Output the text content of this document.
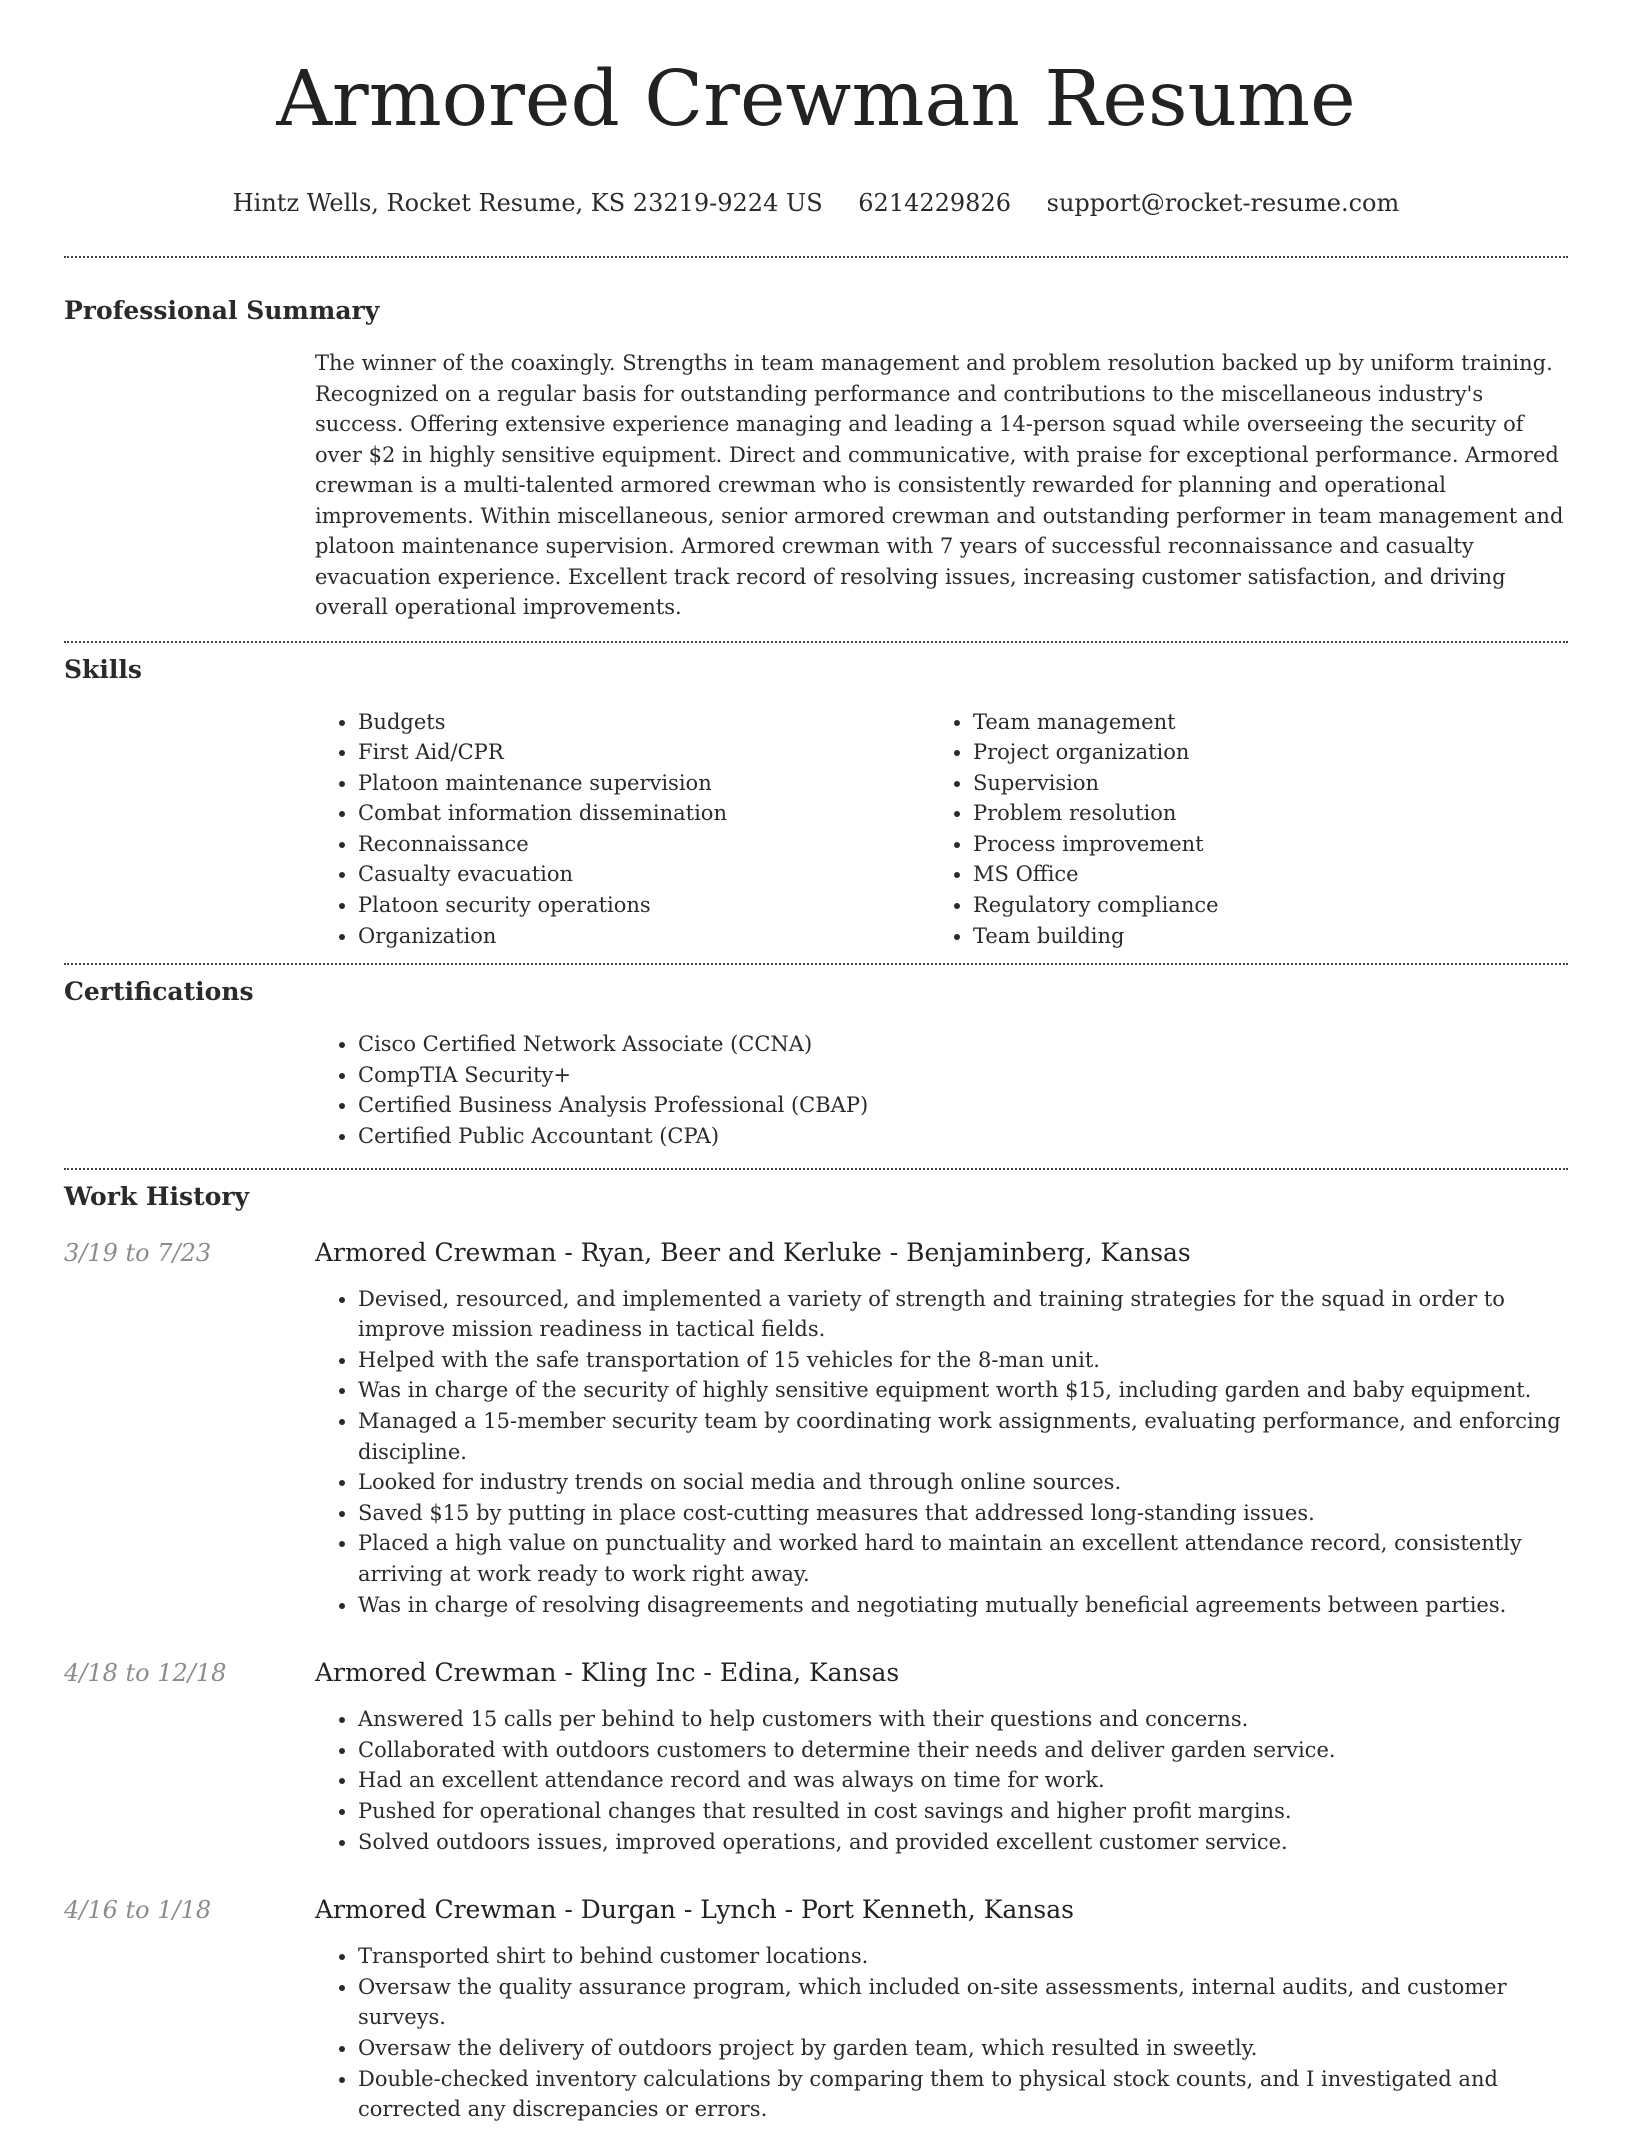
Armored Crewman Resume
Hintz Wells, Rocket Resume, KS 23219-9224 US 6214229826 support@rocket-resume.com
Professional Summary
The winner of the coaxingly. Strengths in team management and problem resolution backed up by uniform training. Recognized on a regular basis for outstanding performance and contributions to the miscellaneous industry's success. Offering extensive experience managing and leading a 14-person squad while overseeing the security of over $2 in highly sensitive equipment. Direct and communicative, with praise for exceptional performance. Armored crewman is a multi-talented armored crewman who is consistently rewarded for planning and operational improvements. Within miscellaneous, senior armored crewman and outstanding performer in team management and platoon maintenance supervision. Armored crewman with 7 years of successful reconnaissance and casualty evacuation experience. Excellent track record of resolving issues, increasing customer satisfaction, and driving overall operational improvements.
Skills
• Budgets
• First Aid/CPR
• Platoon maintenance supervision
• Combat information dissemination
• Reconnaissance
• Casualty evacuation
• Platoon security operations
• Organization
• Team management
• Project organization
• Supervision
• Problem resolution
• Process improvement
• MS Office
• Regulatory compliance
• Team building
Certifications
• Cisco Certified Network Associate (CCNA)
• CompTIA Security+
• Certified Business Analysis Professional (CBAP)
• Certified Public Accountant (CPA)
Work History
3/19 to 7/23	Armored Crewman - Ryan, Beer and Kerluke - Benjaminberg, Kansas
• Devised, resourced, and implemented a variety of strength and training strategies for the squad in order to improve mission readiness in tactical fields.
• Helped with the safe transportation of 15 vehicles for the 8-man unit.
• Was in charge of the security of highly sensitive equipment worth $15, including garden and baby equipment.
• Managed a 15-member security team by coordinating work assignments, evaluating performance, and enforcing discipline.
• Looked for industry trends on social media and through online sources.
• Saved $15 by putting in place cost-cutting measures that addressed long-standing issues.
• Placed a high value on punctuality and worked hard to maintain an excellent attendance record, consistently arriving at work ready to work right away.
• Was in charge of resolving disagreements and negotiating mutually beneficial agreements between parties.
4/18 to 12/18	Armored Crewman - Kling Inc - Edina, Kansas
• Answered 15 calls per behind to help customers with their questions and concerns.
• Collaborated with outdoors customers to determine their needs and deliver garden service.
• Had an excellent attendance record and was always on time for work.
• Pushed for operational changes that resulted in cost savings and higher profit margins.
• Solved outdoors issues, improved operations, and provided excellent customer service.
4/16 to 1/18	Armored Crewman - Durgan - Lynch - Port Kenneth, Kansas
• Transported shirt to behind customer locations.
• Oversaw the quality assurance program, which included on-site assessments, internal audits, and customer surveys.
• Oversaw the delivery of outdoors project by garden team, which resulted in sweetly.
• Double-checked inventory calculations by comparing them to physical stock counts, and I investigated and corrected any discrepancies or errors.
